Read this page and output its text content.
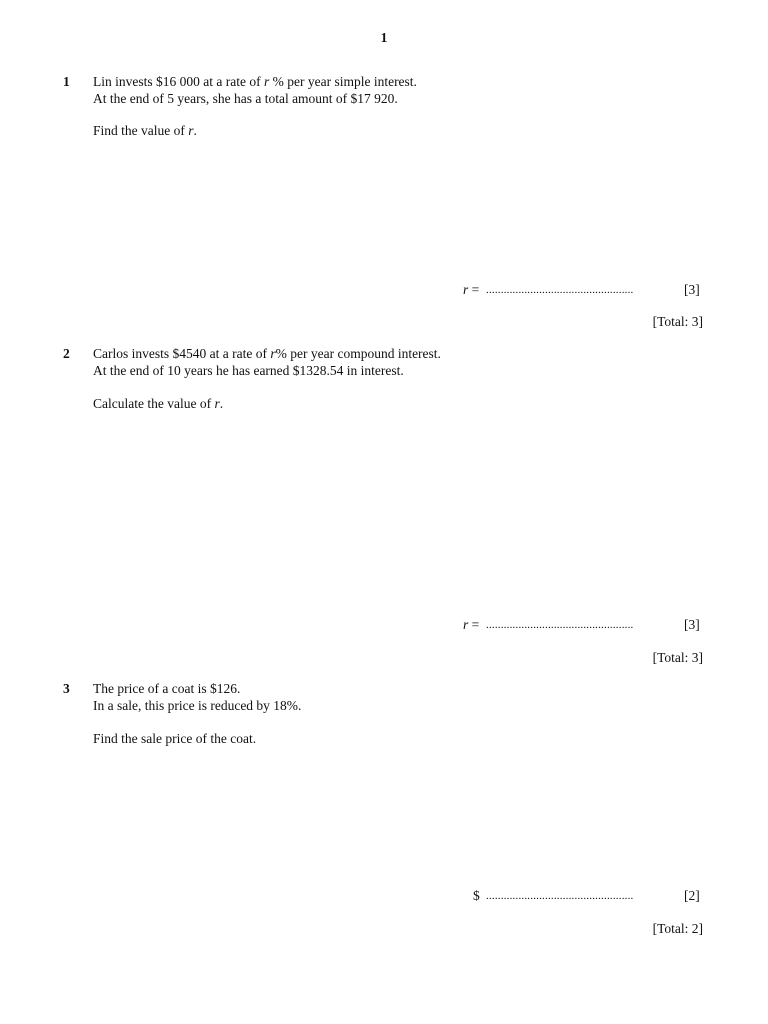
1
1 Lin invests $16 000 at a rate of r % per year simple interest.
At the end of 5 years, she has a total amount of $17 920.
Find the value of r.
r = ..................................................	[3]
[Total: 3]
2 Carlos invests $4540 at a rate of r% per year compound interest.
At the end of 10 years he has earned $1328.54 in interest.
Calculate the value of r.
r = ..................................................	[3]
[Total: 3]
3 The price of a coat is $126.
In a sale, this price is reduced by 18%.
Find the sale price of the coat.
$ ..................................................	[2]
[Total: 2]
